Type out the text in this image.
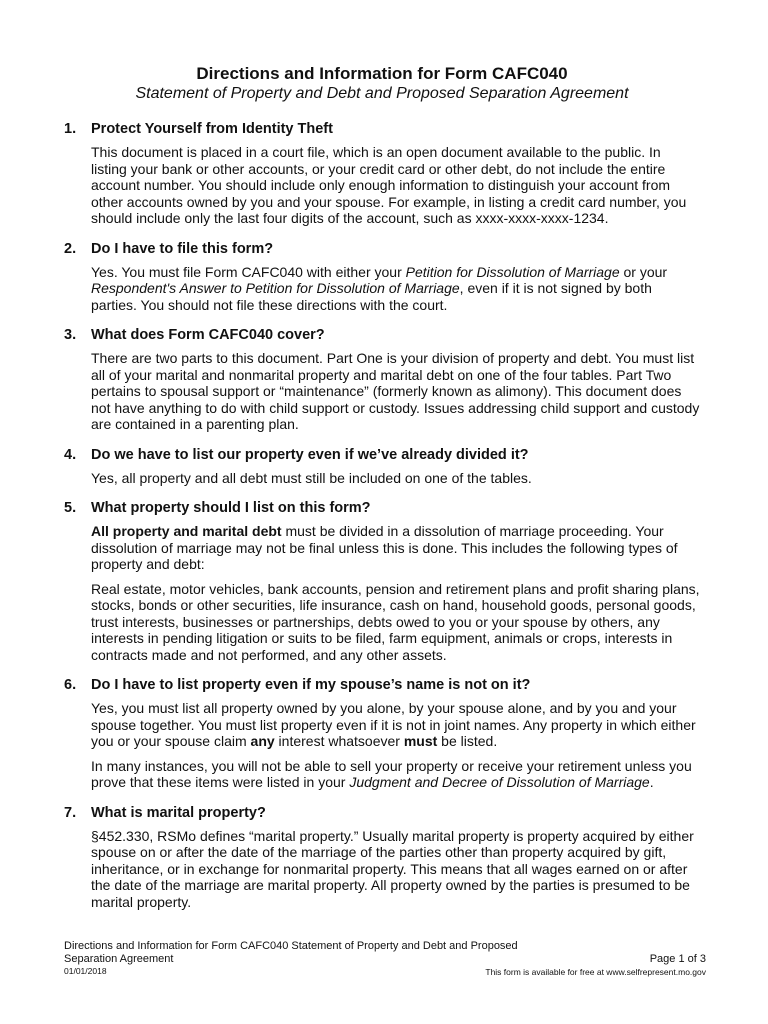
Directions and Information for Form CAFC040
Statement of Property and Debt and Proposed Separation Agreement
1.	Protect Yourself from Identity Theft

This document is placed in a court file, which is an open document available to the public. In listing your bank or other accounts, or your credit card or other debt, do not include the entire account number. You should include only enough information to distinguish your account from other accounts owned by you and your spouse. For example, in listing a credit card number, you should include only the last four digits of the account, such as xxxx-xxxx-xxxx-1234.

2.	Do I have to file this form?

Yes. You must file Form CAFC040 with either your Petition for Dissolution of Marriage or your Respondent's Answer to Petition for Dissolution of Marriage, even if it is not signed by both parties. You should not file these directions with the court.

3.	What does Form CAFC040 cover?

There are two parts to this document. Part One is your division of property and debt. You must list all of your marital and nonmarital property and marital debt on one of the four tables. Part Two pertains to spousal support or “maintenance” (formerly known as alimony). This document does not have anything to do with child support or custody. Issues addressing child support and custody are contained in a parenting plan.

4.	Do we have to list our property even if we’ve already divided it?

Yes, all property and all debt must still be included on one of the tables.

5.	What property should I list on this form?

All property and marital debt must be divided in a dissolution of marriage proceeding. Your dissolution of marriage may not be final unless this is done. This includes the following types of property and debt:

Real estate, motor vehicles, bank accounts, pension and retirement plans and profit sharing plans, stocks, bonds or other securities, life insurance, cash on hand, household goods, personal goods, trust interests, businesses or partnerships, debts owed to you or your spouse by others, any interests in pending litigation or suits to be filed, farm equipment, animals or crops, interests in contracts made and not performed, and any other assets.

6.	Do I have to list property even if my spouse’s name is not on it?

Yes, you must list all property owned by you alone, by your spouse alone, and by you and your spouse together. You must list property even if it is not in joint names. Any property in which either you or your spouse claim any interest whatsoever must be listed.

In many instances, you will not be able to sell your property or receive your retirement unless you prove that these items were listed in your Judgment and Decree of Dissolution of Marriage.

7.	What is marital property?

§452.330, RSMo defines “marital property.” Usually marital property is property acquired by either spouse on or after the date of the marriage of the parties other than property acquired by gift, inheritance, or in exchange for nonmarital property. This means that all wages earned on or after the date of the marriage are marital property. All property owned by the parties is presumed to be marital property.

Directions and Information for Form CAFC040 Statement of Property and Debt and Proposed Separation Agreement
01/01/2018
Page 1 of 3
This form is available for free at www.selfrepresent.mo.gov
